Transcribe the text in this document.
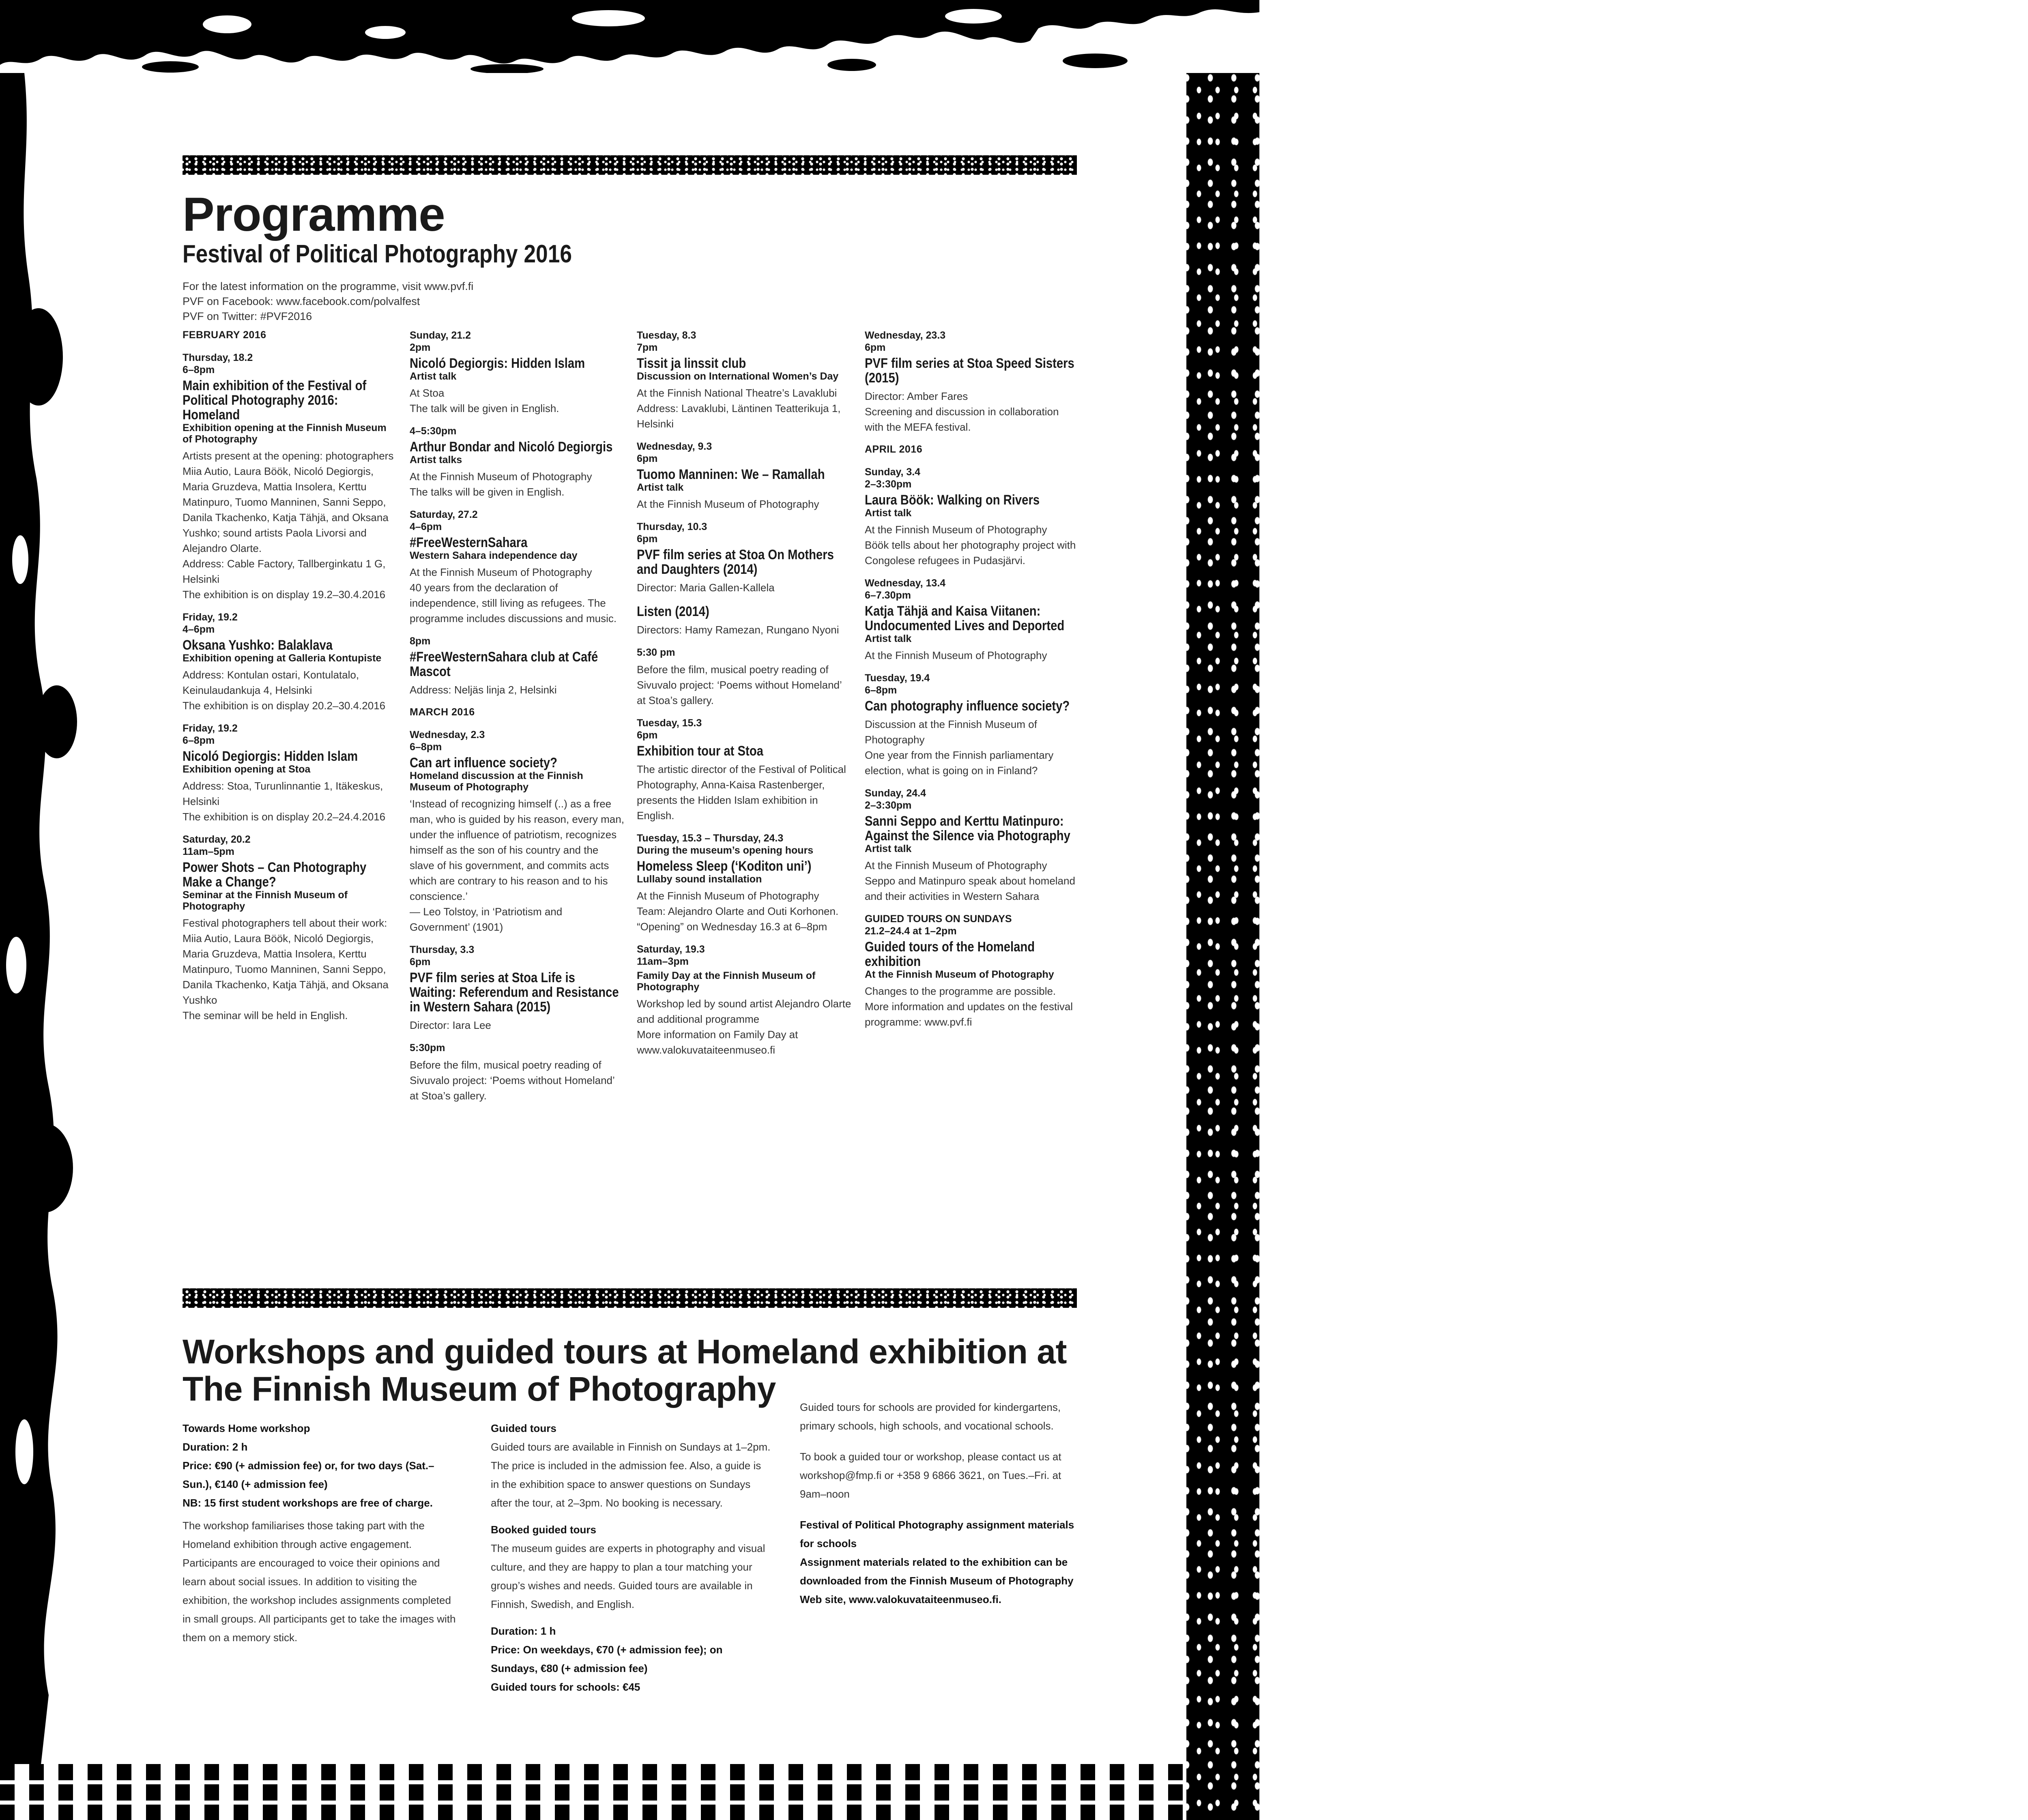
Programme
Festival of Political Photography 2016
For the latest information on the programme, visit www.pvf.fi
PVF on Facebook: www.facebook.com/polvalfest
PVF on Twitter: #PVF2016
FEBRUARY 2016
Thursday, 18.2
6–8pm
Main exhibition of the Festival of Political Photography 2016: Homeland
Exhibition opening at the Finnish Museum of Photography
Artists present at the opening: photographers Miia Autio, Laura Böök, Nicoló Degiorgis, Maria Gruzdeva, Mattia Insolera, Kerttu Matinpuro, Tuomo Manninen, Sanni Seppo, Danila Tkachenko, Katja Tähjä, and Oksana Yushko; sound artists Paola Livorsi and Alejandro Olarte.
Address: Cable Factory, Tallberginkatu 1 G, Helsinki
The exhibition is on display 19.2–30.4.2016
Friday, 19.2
4–6pm
Oksana Yushko: Balaklava
Exhibition opening at Galleria Kontupiste
Address: Kontulan ostari, Kontulatalo, Keinulaudankuja 4, Helsinki
The exhibition is on display 20.2–30.4.2016
Friday, 19.2
6–8pm
Nicoló Degiorgis: Hidden Islam
Exhibition opening at Stoa
Address: Stoa, Turunlinnantie 1, Itäkeskus, Helsinki
The exhibition is on display 20.2–24.4.2016
Saturday, 20.2
11am–5pm
Power Shots – Can Photography Make a Change?
Seminar at the Finnish Museum of Photography
Festival photographers tell about their work: Miia Autio, Laura Böök, Nicoló Degiorgis, Maria Gruzdeva, Mattia Insolera, Kerttu Matinpuro, Tuomo Manninen, Sanni Seppo, Danila Tkachenko, Katja Tähjä, and Oksana Yushko
The seminar will be held in English.
Sunday, 21.2
2pm
Nicoló Degiorgis: Hidden Islam
Artist talk
At Stoa
The talk will be given in English.
4–5:30pm
Arthur Bondar and Nicoló Degiorgis
Artist talks
At the Finnish Museum of Photography
The talks will be given in English.
Saturday, 27.2
4–6pm
#FreeWesternSahara
Western Sahara independence day
At the Finnish Museum of Photography
40 years from the declaration of independence, still living as refugees. The programme includes discussions and music.
8pm
#FreeWesternSahara club at Café Mascot
Address: Neljäs linja 2, Helsinki
MARCH 2016
Wednesday, 2.3
6–8pm
Can art influence society?
Homeland discussion at the Finnish Museum of Photography
‘Instead of recognizing himself (..) as a free man, who is guided by his reason, every man, under the influence of patriotism, recognizes himself as the son of his country and the slave of his government, and commits acts which are contrary to his reason and to his conscience.’
— Leo Tolstoy, in ‘Patriotism and Government’ (1901)
Thursday, 3.3
6pm
PVF film series at Stoa Life is Waiting: Referendum and Resistance in Western Sahara (2015)
Director: Iara Lee
5:30pm
Before the film, musical poetry reading of Sivuvalo project: ‘Poems without Homeland’ at Stoa’s gallery.
Tuesday, 8.3
7pm
Tissit ja linssit club
Discussion on International Women’s Day
At the Finnish National Theatre’s Lavaklubi
Address: Lavaklubi, Läntinen Teatterikuja 1, Helsinki
Wednesday, 9.3
6pm
Tuomo Manninen: We – Ramallah
Artist talk
At the Finnish Museum of Photography
Thursday, 10.3
6pm
PVF film series at Stoa On Mothers and Daughters (2014)
Director: Maria Gallen-Kallela
Listen (2014)
Directors: Hamy Ramezan, Rungano Nyoni
5:30 pm
Before the film, musical poetry reading of Sivuvalo project: ‘Poems without Homeland’ at Stoa’s gallery.
Tuesday, 15.3
6pm
Exhibition tour at Stoa
The artistic director of the Festival of Political Photography, Anna-Kaisa Rastenberger, presents the Hidden Islam exhibition in English.
Tuesday, 15.3 – Thursday, 24.3
During the museum’s opening hours
Homeless Sleep (‘Koditon uni’)
Lullaby sound installation
At the Finnish Museum of Photography
Team: Alejandro Olarte and Outi Korhonen. “Opening” on Wednesday 16.3 at 6–8pm
Saturday, 19.3
11am–3pm
Family Day at the Finnish Museum of Photography
Workshop led by sound artist Alejandro Olarte and additional programme
More information on Family Day at www.valokuvataiteenmuseo.fi
Wednesday, 23.3
6pm
PVF film series at Stoa Speed Sisters (2015)
Director: Amber Fares
Screening and discussion in collaboration with the MEFA festival.
APRIL 2016
Sunday, 3.4
2–3:30pm
Laura Böök: Walking on Rivers
Artist talk
At the Finnish Museum of Photography
Böök tells about her photography project with Congolese refugees in Pudasjärvi.
Wednesday, 13.4
6–7.30pm
Katja Tähjä and Kaisa Viitanen: Undocumented Lives and Deported
Artist talk
At the Finnish Museum of Photography
Tuesday, 19.4
6–8pm
Can photography influence society?
Discussion at the Finnish Museum of Photography
One year from the Finnish parliamentary election, what is going on in Finland?
Sunday, 24.4
2–3:30pm
Sanni Seppo and Kerttu Matinpuro: Against the Silence via Photography
Artist talk
At the Finnish Museum of Photography
Seppo and Matinpuro speak about homeland and their activities in Western Sahara
GUIDED TOURS ON SUNDAYS
21.2–24.4 at 1–2pm
Guided tours of the Homeland exhibition
At the Finnish Museum of Photography
Changes to the programme are possible. More information and updates on the festival programme: www.pvf.fi
Workshops and guided tours at Homeland exhibition at The Finnish Museum of Photography
Towards Home workshop
Duration: 2 h
Price: €90 (+ admission fee) or, for two days (Sat.–Sun.), €140 (+ admission fee)
NB: 15 first student workshops are free of charge.
The workshop familiarises those taking part with the Homeland exhibition through active engagement. Participants are encouraged to voice their opinions and learn about social issues. In addition to visiting the exhibition, the workshop includes assignments completed in small groups. All participants get to take the images with them on a memory stick.
Guided tours
Guided tours are available in Finnish on Sundays at 1–2pm. The price is included in the admission fee. Also, a guide is in the exhibition space to answer questions on Sundays after the tour, at 2–3pm. No booking is necessary.
Booked guided tours
The museum guides are experts in photography and visual culture, and they are happy to plan a tour matching your group’s wishes and needs. Guided tours are available in Finnish, Swedish, and English.
Duration: 1 h
Price: On weekdays, €70 (+ admission fee); on Sundays, €80 (+ admission fee)
Guided tours for schools: €45
Guided tours for schools are provided for kindergartens, primary schools, high schools, and vocational schools.
To book a guided tour or workshop, please contact us at workshop@fmp.fi or +358 9 6866 3621, on Tues.–Fri. at 9am–noon
Festival of Political Photography assignment materials for schools
Assignment materials related to the exhibition can be downloaded from the Finnish Museum of Photography Web site, www.valokuvataiteenmuseo.fi.
